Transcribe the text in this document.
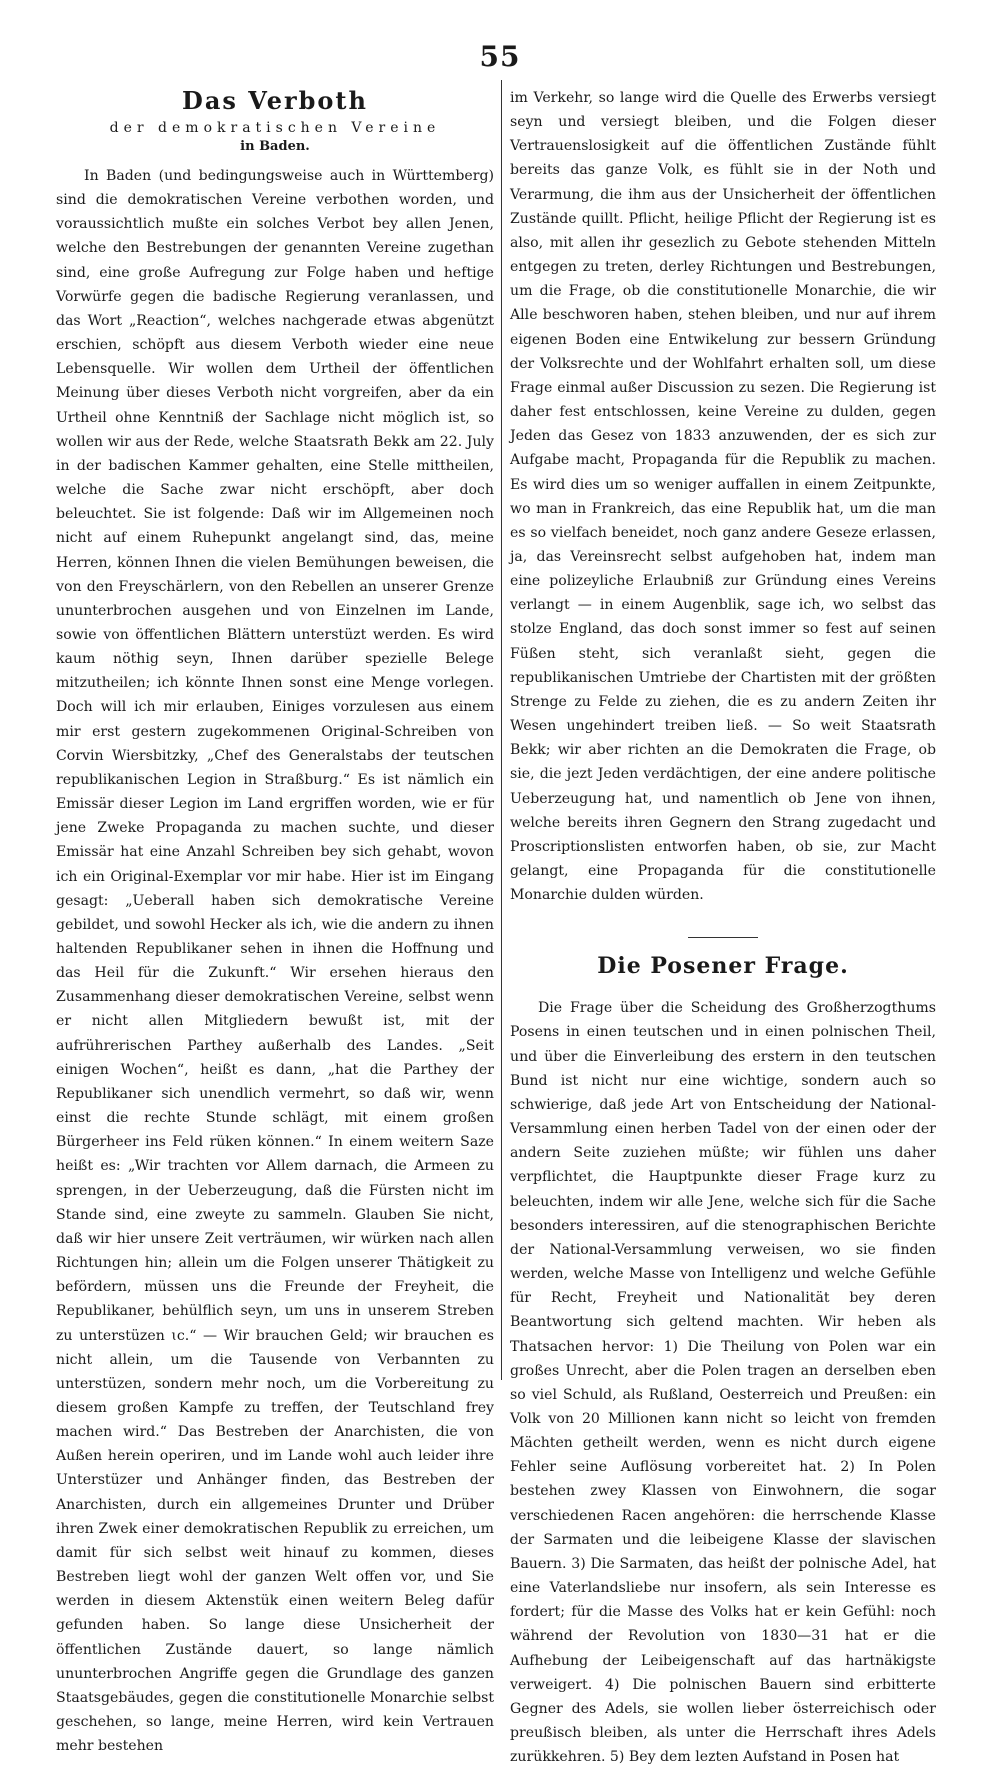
55
Das Verboth
der demokratischen Vereine
in Baden.

In Baden (und bedingungsweise auch in Württemberg) sind die demokratischen Vereine verbothen worden, und voraussichtlich mußte ein solches Verbot bey allen Jenen, welche den Bestrebungen der genannten Vereine zugethan sind, eine große Aufregung zur Folge haben und heftige Vorwürfe gegen die badische Regierung veranlassen, und das Wort „Reaction“, welches nachgerade etwas abgenützt erschien, schöpft aus diesem Verboth wieder eine neue Lebensquelle. Wir wollen dem Urtheil der öffentlichen Meinung über dieses Verboth nicht vorgreifen, aber da ein Urtheil ohne Kenntniß der Sachlage nicht möglich ist, so wollen wir aus der Rede, welche Staatsrath Bekk am 22. July in der badischen Kammer gehalten, eine Stelle mittheilen, welche die Sache zwar nicht erschöpft, aber doch beleuchtet. Sie ist folgende: Daß wir im Allgemeinen noch nicht auf einem Ruhepunkt angelangt sind, das, meine Herren, können Ihnen die vielen Bemühungen beweisen, die von den Freyschärlern, von den Rebellen an unserer Grenze ununterbrochen ausgehen und von Einzelnen im Lande, sowie von öffentlichen Blättern unterstüzt werden. Es wird kaum nöthig seyn, Ihnen darüber spezielle Belege mitzutheilen; ich könnte Ihnen sonst eine Menge vorlegen. Doch will ich mir erlauben, Einiges vorzulesen aus einem mir erst gestern zugekommenen Original-Schreiben von Corvin Wiersbitzky, „Chef des Generalstabs der teutschen republikanischen Legion in Straßburg.“ Es ist nämlich ein Emissär dieser Legion im Land ergriffen worden, wie er für jene Zweke Propaganda zu machen suchte, und dieser Emissär hat eine Anzahl Schreiben bey sich gehabt, wovon ich ein Original-Exemplar vor mir habe. Hier ist im Eingang gesagt: „Ueberall haben sich demokratische Vereine gebildet, und sowohl Hecker als ich, wie die andern zu ihnen haltenden Republikaner sehen in ihnen die Hoffnung und das Heil für die Zukunft.“ Wir ersehen hieraus den Zusammenhang dieser demokratischen Vereine, selbst wenn er nicht allen Mitgliedern bewußt ist, mit der aufrührerischen Parthey außerhalb des Landes. „Seit einigen Wochen“, heißt es dann, „hat die Parthey der Republikaner sich unendlich vermehrt, so daß wir, wenn einst die rechte Stunde schlägt, mit einem großen Bürgerheer ins Feld rüken können.“ In einem weitern Saze heißt es: „Wir trachten vor Allem darnach, die Armeen zu sprengen, in der Ueberzeugung, daß die Fürsten nicht im Stande sind, eine zweyte zu sammeln. Glauben Sie nicht, daß wir hier unsere Zeit verträumen, wir würken nach allen Richtungen hin; allein um die Folgen unserer Thätigkeit zu befördern, müssen uns die Freunde der Freyheit, die Republikaner, behülflich seyn, um uns in unserem Streben zu unterstüzen ɩc.“ — Wir brauchen Geld; wir brauchen es nicht allein, um die Tausende von Verbannten zu unterstüzen, sondern mehr noch, um die Vorbereitung zu diesem großen Kampfe zu treffen, der Teutschland frey machen wird.“ Das Bestreben der Anarchisten, die von Außen herein operiren, und im Lande wohl auch leider ihre Unterstüzer und Anhänger finden, das Bestreben der Anarchisten, durch ein allgemeines Drunter und Drüber ihren Zwek einer demokratischen Republik zu erreichen, um damit für sich selbst weit hinauf zu kommen, dieses Bestreben liegt wohl der ganzen Welt offen vor, und Sie werden in diesem Aktenstük einen weitern Beleg dafür gefunden haben. So lange diese Unsicherheit der öffentlichen Zustände dauert, so lange nämlich ununterbrochen Angriffe gegen die Grundlage des ganzen Staatsgebäudes, gegen die constitutionelle Monarchie selbst geschehen, so lange, meine Herren, wird kein Vertrauen mehr bestehen

im Verkehr, so lange wird die Quelle des Erwerbs versiegt seyn und versiegt bleiben, und die Folgen dieser Vertrauenslosigkeit auf die öffentlichen Zustände fühlt bereits das ganze Volk, es fühlt sie in der Noth und Verarmung, die ihm aus der Unsicherheit der öffentlichen Zustände quillt. Pflicht, heilige Pflicht der Regierung ist es also, mit allen ihr gesezlich zu Gebote stehenden Mitteln entgegen zu treten, derley Richtungen und Bestrebungen, um die Frage, ob die constitutionelle Monarchie, die wir Alle beschworen haben, stehen bleiben, und nur auf ihrem eigenen Boden eine Entwikelung zur bessern Gründung der Volksrechte und der Wohlfahrt erhalten soll, um diese Frage einmal außer Discussion zu sezen. Die Regierung ist daher fest entschlossen, keine Vereine zu dulden, gegen Jeden das Gesez von 1833 anzuwenden, der es sich zur Aufgabe macht, Propaganda für die Republik zu machen. Es wird dies um so weniger auffallen in einem Zeitpunkte, wo man in Frankreich, das eine Republik hat, um die man es so vielfach beneidet, noch ganz andere Geseze erlassen, ja, das Vereinsrecht selbst aufgehoben hat, indem man eine polizeyliche Erlaubniß zur Gründung eines Vereins verlangt — in einem Augenblik, sage ich, wo selbst das stolze England, das doch sonst immer so fest auf seinen Füßen steht, sich veranlaßt sieht, gegen die republikanischen Umtriebe der Chartisten mit der größten Strenge zu Felde zu ziehen, die es zu andern Zeiten ihr Wesen ungehindert treiben ließ. — So weit Staatsrath Bekk; wir aber richten an die Demokraten die Frage, ob sie, die jezt Jeden verdächtigen, der eine andere politische Ueberzeugung hat, und namentlich ob Jene von ihnen, welche bereits ihren Gegnern den Strang zugedacht und Proscriptionslisten entworfen haben, ob sie, zur Macht gelangt, eine Propaganda für die constitutionelle Monarchie dulden würden.

Die Posener Frage.

Die Frage über die Scheidung des Großherzogthums Posens in einen teutschen und in einen polnischen Theil, und über die Einverleibung des erstern in den teutschen Bund ist nicht nur eine wichtige, sondern auch so schwierige, daß jede Art von Entscheidung der National-Versammlung einen herben Tadel von der einen oder der andern Seite zuziehen müßte; wir fühlen uns daher verpflichtet, die Hauptpunkte dieser Frage kurz zu beleuchten, indem wir alle Jene, welche sich für die Sache besonders interessiren, auf die stenographischen Berichte der National-Versammlung verweisen, wo sie finden werden, welche Masse von Intelligenz und welche Gefühle für Recht, Freyheit und Nationalität bey deren Beantwortung sich geltend machten. Wir heben als Thatsachen hervor: 1) Die Theilung von Polen war ein großes Unrecht, aber die Polen tragen an derselben eben so viel Schuld, als Rußland, Oesterreich und Preußen: ein Volk von 20 Millionen kann nicht so leicht von fremden Mächten getheilt werden, wenn es nicht durch eigene Fehler seine Auflösung vorbereitet hat. 2) In Polen bestehen zwey Klassen von Einwohnern, die sogar verschiedenen Racen angehören: die herrschende Klasse der Sarmaten und die leibeigene Klasse der slavischen Bauern. 3) Die Sarmaten, das heißt der polnische Adel, hat eine Vaterlandsliebe nur insofern, als sein Interesse es fordert; für die Masse des Volks hat er kein Gefühl: noch während der Revolution von 1830—31 hat er die Aufhebung der Leibeigenschaft auf das hartnäkigste verweigert. 4) Die polnischen Bauern sind erbitterte Gegner des Adels, sie wollen lieber österreichisch oder preußisch bleiben, als unter die Herrschaft ihres Adels zurükkehren. 5) Bey dem lezten Aufstand in Posen hat
